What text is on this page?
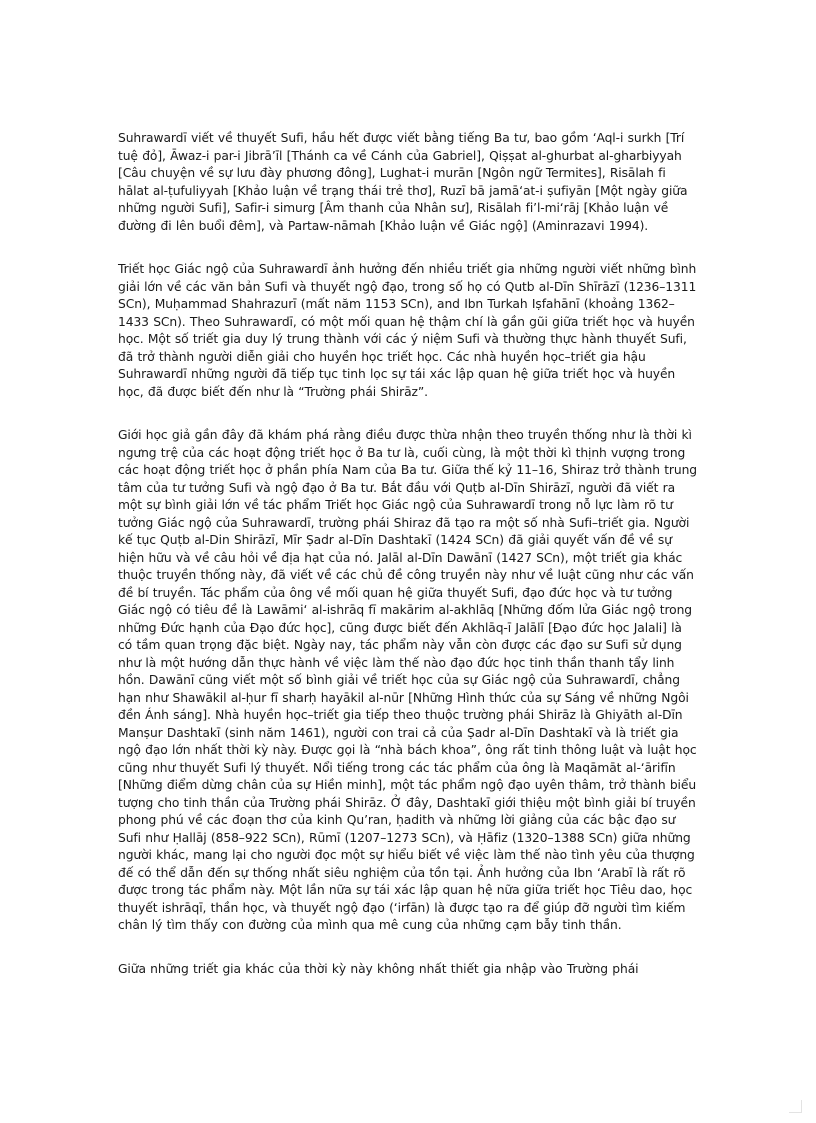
Suhrawardī viết về thuyết Sufi, hầu hết được viết bằng tiếng Ba tư, bao gồm ‘Aql-i surkh [Trí tuệ đỏ], Āwaz-i par-i Jibrā’īl [Thánh ca về Cánh của Gabriel], Qiṣṣat al-ghurbat al-gharbiyyah [Câu chuyện về sự lưu đày phương đông], Lughat-i murān [Ngôn ngữ Termites], Risālah fi hālat al-ṭufuliyyah [Khảo luận về trạng thái trẻ thơ], Ruzī bā jamā‘at-i ṣufiyān [Một ngày giữa những người Sufi], Safir-i simurg [Âm thanh của Nhân sư], Risālah fi’l-mi‘rāj [Khảo luận về đường đi lên buổi đêm], và Partaw-nāmah [Khảo luận về Giác ngộ] (Aminrazavi 1994).

Triết học Giác ngộ của Suhrawardī ảnh hưởng đến nhiều triết gia những người viết những bình giải lớn về các văn bản Sufi và thuyết ngộ đạo, trong số họ có Qutb al-Dīn Shīrāzī (1236–1311 SCn), Muḥammad Shahrazurī (mất năm 1153 SCn), and Ibn Turkah Iṣfahānī (khoảng 1362–1433 SCn). Theo Suhrawardī, có một mối quan hệ thậm chí là gần gũi giữa triết học và huyền học. Một số triết gia duy lý trung thành với các ý niệm Sufi và thường thực hành thuyết Sufi, đã trở thành người diễn giải cho huyền học triết học. Các nhà huyền học–triết gia hậu Suhrawardī những người đã tiếp tục tinh lọc sự tái xác lập quan hệ giữa triết học và huyền học, đã được biết đến như là “Trường phái Shirāz”.

Giới học giả gần đây đã khám phá rằng điều được thừa nhận theo truyền thống như là thời kì ngưng trệ của các hoạt động triết học ở Ba tư là, cuối cùng, là một thời kì thịnh vượng trong các hoạt động triết học ở phần phía Nam của Ba tư. Giữa thế kỷ 11–16, Shiraz trở thành trung tâm của tư tưởng Sufi và ngộ đạo ở Ba tư. Bắt đầu với Quṭb al-Dīn Shirāzī, người đã viết ra một sự bình giải lớn về tác phẩm Triết học Giác ngộ của Suhrawardī trong nỗ lực làm rõ tư tưởng Giác ngộ của Suhrawardī, trường phái Shiraz đã tạo ra một số nhà Sufi–triết gia. Người kế tục Quṭb al-Din Shirāzī, Mīr Ṣadr al-Dīn Dashtakī (1424 SCn) đã giải quyết vấn đề về sự hiện hữu và về câu hỏi về địa hạt của nó. Jalāl al-Dīn Dawānī (1427 SCn), một triết gia khác thuộc truyền thống này, đã viết về các chủ đề công truyền này như về luật cũng như các vấn đề bí truyền. Tác phẩm của ông về mối quan hệ giữa thuyết Sufi, đạo đức học và tư tưởng Giác ngộ có tiêu đề là Lawāmi‘ al-ishrāq fī makārim al-akhlāq [Những đốm lửa Giác ngộ trong những Đức hạnh của Đạo đức học], cũng được biết đến Akhlāq-ī Jalālī [Đạo đức học Jalali] là có tầm quan trọng đặc biệt. Ngày nay, tác phẩm này vẫn còn được các đạo sư Sufi sử dụng như là một hướng dẫn thực hành về việc làm thế nào đạo đức học tinh thần thanh tẩy linh hồn. Dawānī cũng viết một số bình giải về triết học của sự Giác ngộ của Suhrawardī, chẳng hạn như Shawākil al-ḥur fī sharḥ hayākil al-nūr [Những Hình thức của sự Sáng về những Ngôi đền Ánh sáng]. Nhà huyền học–triết gia tiếp theo thuộc trường phái Shirāz là Ghiyāth al-Dīn Manṣur Dashtakī (sinh năm 1461), người con trai cả của Ṣadr al-Dīn Dashtakī và là triết gia ngộ đạo lớn nhất thời kỳ này. Được gọi là “nhà bách khoa”, ông rất tinh thông luật và luật học cũng như thuyết Sufi lý thuyết. Nổi tiếng trong các tác phẩm của ông là Maqāmāt al-‘ārifīn [Những điểm dừng chân của sự Hiền minh], một tác phẩm ngộ đạo uyên thâm, trở thành biểu tượng cho tinh thần của Trường phái Shirāz. Ở đây, Dashtakī giới thiệu một bình giải bí truyền phong phú về các đoạn thơ của kinh Qu’ran, ḥadith và những lời giảng của các bậc đạo sư Sufi như Ḥallāj (858–922 SCn), Rūmī (1207–1273 SCn), và Ḥāfiz (1320–1388 SCn) giữa những người khác, mang lại cho người đọc một sự hiểu biết về việc làm thế nào tình yêu của thượng đế có thể dẫn đến sự thống nhất siêu nghiệm của tồn tại. Ảnh hưởng của Ibn ‘Arabī là rất rõ được trong tác phẩm này. Một lần nữa sự tái xác lập quan hệ nữa giữa triết học Tiêu dao, học thuyết ishrāqī, thần học, và thuyết ngộ đạo (‘irfān) là được tạo ra để giúp đỡ người tìm kiếm chân lý tìm thấy con đường của mình qua mê cung của những cạm bẫy tinh thần.

Giữa những triết gia khác của thời kỳ này không nhất thiết gia nhập vào Trường phái
